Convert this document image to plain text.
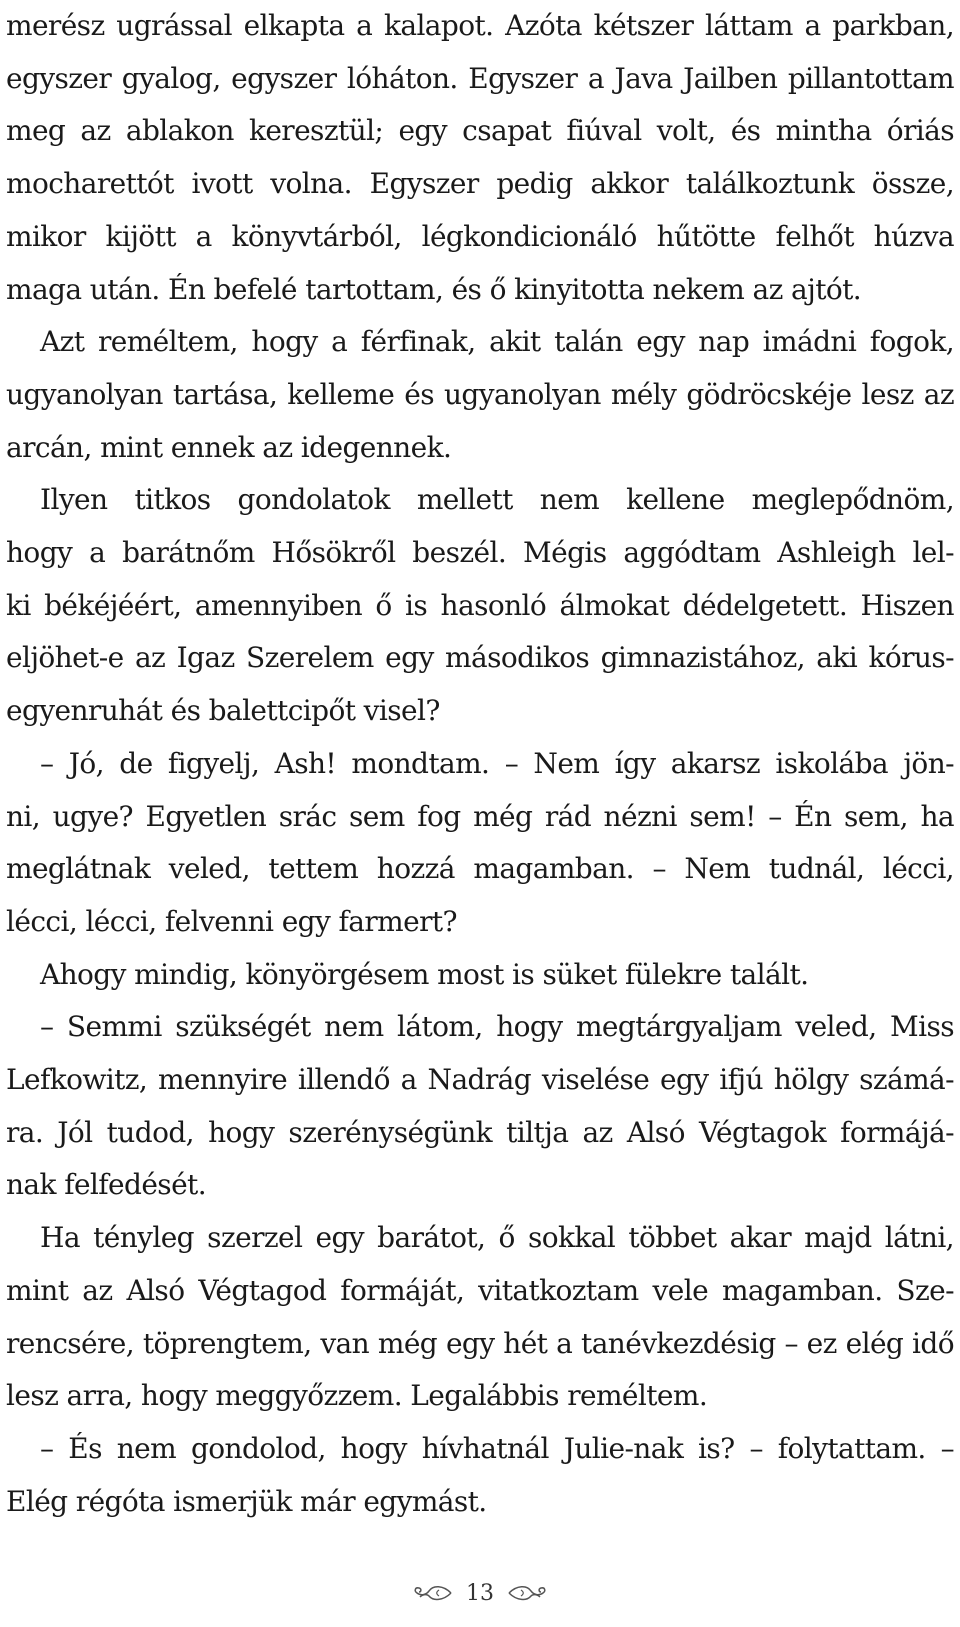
merész ugrással elkapta a kalapot. Azóta kétszer láttam a parkban,
egyszer gyalog, egyszer lóháton. Egyszer a Java Jailben pillantottam
meg az ablakon keresztül; egy csapat fiúval volt, és mintha óriás
mocharettót ivott volna. Egyszer pedig akkor találkoztunk össze,
mikor kijött a könyvtárból, légkondicionáló hűtötte felhőt húzva
maga után. Én befelé tartottam, és ő kinyitotta nekem az ajtót.
Azt reméltem, hogy a férfinak, akit talán egy nap imádni fogok,
ugyanolyan tartása, kelleme és ugyanolyan mély gödröcskéje lesz az
arcán, mint ennek az idegennek.
Ilyen titkos gondolatok mellett nem kellene meglepődnöm,
hogy a barátnőm Hősökről beszél. Mégis aggódtam Ashleigh lel-
ki békéjéért, amennyiben ő is hasonló álmokat dédelgetett. Hiszen
eljöhet-e az Igaz Szerelem egy másodikos gimnazistához, aki kórus-
egyenruhát és balettcipőt visel?
– Jó, de figyelj, Ash! mondtam. – Nem így akarsz iskolába jön-
ni, ugye? Egyetlen srác sem fog még rád nézni sem! – Én sem, ha
meglátnak veled, tettem hozzá magamban. – Nem tudnál, lécci,
lécci, lécci, felvenni egy farmert?
Ahogy mindig, könyörgésem most is süket fülekre talált.
– Semmi szükségét nem látom, hogy megtárgyaljam veled, Miss
Lefkowitz, mennyire illendő a Nadrág viselése egy ifjú hölgy számá-
ra. Jól tudod, hogy szerénységünk tiltja az Alsó Végtagok formájá-
nak felfedését.
Ha tényleg szerzel egy barátot, ő sokkal többet akar majd látni,
mint az Alsó Végtagod formáját, vitatkoztam vele magamban. Sze-
rencsére, töprengtem, van még egy hét a tanévkezdésig – ez elég idő
lesz arra, hogy meggyőzzem. Legalábbis reméltem.
– És nem gondolod, hogy hívhatnál Julie-nak is? – folytattam. –
Elég régóta ismerjük már egymást.
13
